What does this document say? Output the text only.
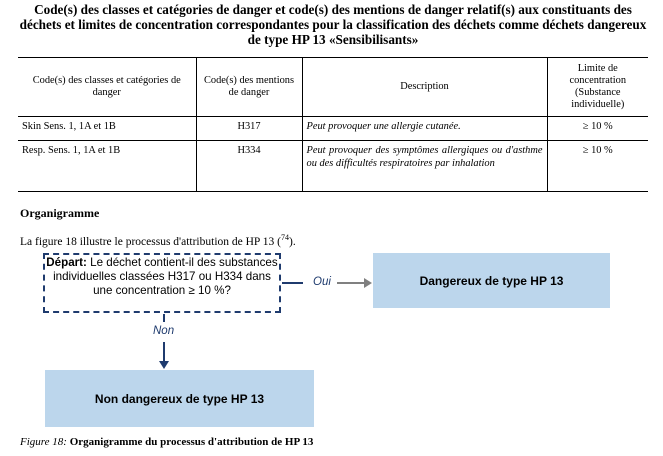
Code(s) des classes et catégories de danger et code(s) des mentions de danger relatif(s) aux constituants des déchets et limites de concentration correspondantes pour la classification des déchets comme déchets dangereux de type HP 13 «Sensibilisants»
Code(s) des classes et catégories de danger	Code(s) des mentions de danger	Description	Limite de concentration (Substance individuelle)
Skin Sens. 1, 1A et 1B	H317	Peut provoquer une allergie cutanée.	≥ 10 %
Resp. Sens. 1, 1A et 1B	H334	Peut provoquer des symptômes allergiques ou d'asthme ou des difficultés respiratoires par inhalation	≥ 10 %
Organigramme
La figure 18 illustre le processus d'attribution de HP 13 ($^{74}$).
Départ: Le déchet contient-il des substances individuelles classées H317 ou H334 dans une concentration ≥ 10 %?
Oui	Dangereux de type HP 13
Non
Non dangereux de type HP 13
Figure 18: Organigramme du processus d'attribution de HP 13
